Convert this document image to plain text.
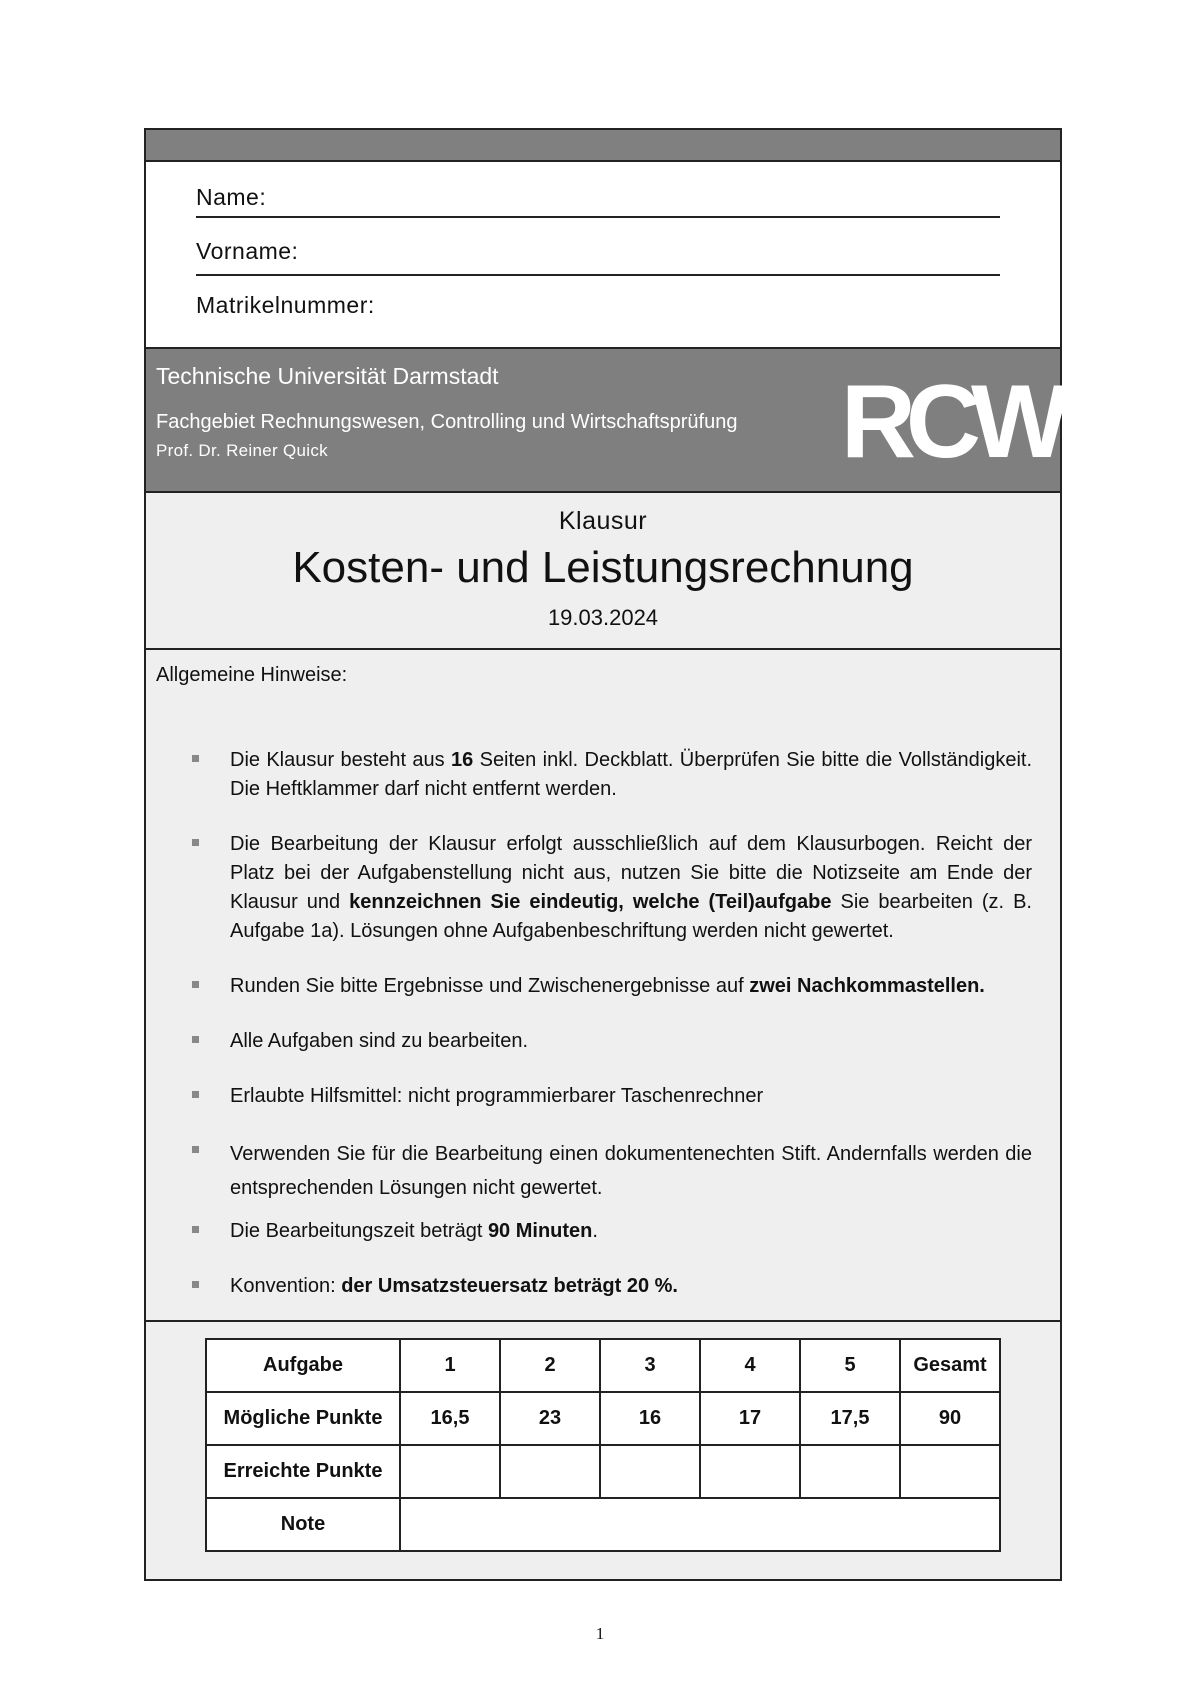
Name:
Vorname:
Matrikelnummer:
Technische Universität Darmstadt
Fachgebiet Rechnungswesen, Controlling und Wirtschaftsprüfung
Prof. Dr. Reiner Quick	RCW
Klausur
Kosten- und Leistungsrechnung
19.03.2024
Allgemeine Hinweise:
Die Klausur besteht aus 16 Seiten inkl. Deckblatt. Überprüfen Sie bitte die Vollständigkeit. Die Heftklammer darf nicht entfernt werden.
Die Bearbeitung der Klausur erfolgt ausschließlich auf dem Klausurbogen. Reicht der Platz bei der Aufgabenstellung nicht aus, nutzen Sie bitte die Notizseite am Ende der Klausur und kennzeichnen Sie eindeutig, welche (Teil)aufgabe Sie bearbeiten (z. B. Aufgabe 1a). Lösungen ohne Aufgabenbeschriftung werden nicht gewertet.
Runden Sie bitte Ergebnisse und Zwischenergebnisse auf zwei Nachkommastellen.
Alle Aufgaben sind zu bearbeiten.
Erlaubte Hilfsmittel: nicht programmierbarer Taschenrechner
Verwenden Sie für die Bearbeitung einen dokumentenechten Stift. Andernfalls werden die entsprechenden Lösungen nicht gewertet.
Die Bearbeitungszeit beträgt 90 Minuten.
Konvention: der Umsatzsteuersatz beträgt 20 %.
Aufgabe	1	2	3	4	5	Gesamt
Mögliche Punkte	16,5	23	16	17	17,5	90
Erreichte Punkte						
Note						
1
